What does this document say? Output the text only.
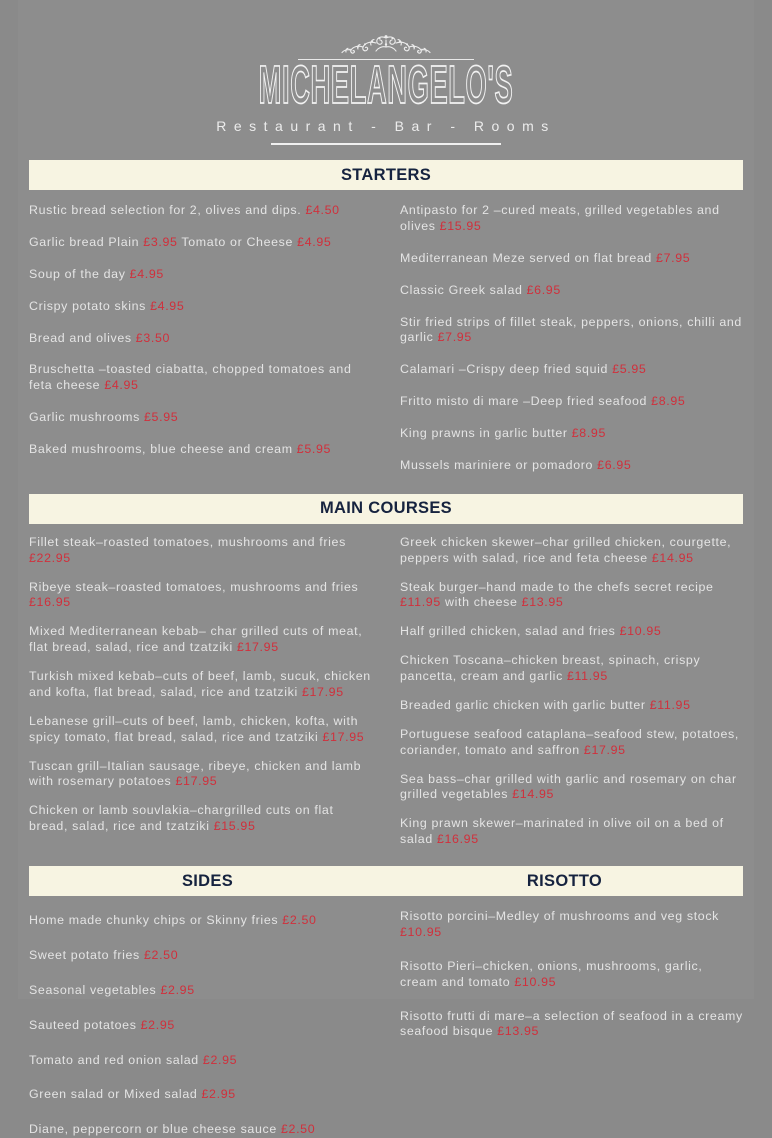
MICHELANGELO'S
Restaurant - Bar - Rooms
STARTERS
Rustic bread selection for 2, olives and dips. £4.50
Garlic bread Plain £3.95 Tomato or Cheese £4.95
Soup of the day £4.95
Crispy potato skins £4.95
Bread and olives £3.50
Bruschetta –toasted ciabatta, chopped tomatoes and feta cheese £4.95
Garlic mushrooms £5.95
Baked mushrooms, blue cheese and cream £5.95
Antipasto for 2 –cured meats, grilled vegetables and olives £15.95
Mediterranean Meze served on flat bread £7.95
Classic Greek salad £6.95
Stir fried strips of fillet steak, peppers, onions, chilli and garlic £7.95
Calamari –Crispy deep fried squid £5.95
Fritto misto di mare –Deep fried seafood £8.95
King prawns in garlic butter £8.95
Mussels mariniere or pomadoro £6.95
MAIN COURSES
Fillet steak–roasted tomatoes, mushrooms and fries £22.95
Ribeye steak–roasted tomatoes, mushrooms and fries £16.95
Mixed Mediterranean kebab– char grilled cuts of meat, flat bread, salad, rice and tzatziki £17.95
Turkish mixed kebab–cuts of beef, lamb, sucuk, chicken and kofta, flat bread, salad, rice and tzatziki £17.95
Lebanese grill–cuts of beef, lamb, chicken, kofta, with spicy tomato, flat bread, salad, rice and tzatziki £17.95
Tuscan grill–Italian sausage, ribeye, chicken and lamb with rosemary potatoes £17.95
Chicken or lamb souvlakia–chargrilled cuts on flat bread, salad, rice and tzatziki £15.95
Greek chicken skewer–char grilled chicken, courgette, peppers with salad, rice and feta cheese £14.95
Steak burger–hand made to the chefs secret recipe £11.95 with cheese £13.95
Half grilled chicken, salad and fries £10.95
Chicken Toscana–chicken breast, spinach, crispy pancetta, cream and garlic £11.95
Breaded garlic chicken with garlic butter £11.95
Portuguese seafood cataplana–seafood stew, potatoes, coriander, tomato and saffron £17.95
Sea bass–char grilled with garlic and rosemary on char grilled vegetables £14.95
King prawn skewer–marinated in olive oil on a bed of salad £16.95
SIDES	RISOTTO
Home made chunky chips or Skinny fries £2.50
Sweet potato fries £2.50
Seasonal vegetables £2.95
Sauteed potatoes £2.95
Tomato and red onion salad £2.95
Green salad or Mixed salad £2.95
Diane, peppercorn or blue cheese sauce £2.50
Risotto porcini–Medley of mushrooms and veg stock £10.95
Risotto Pieri–chicken, onions, mushrooms, garlic, cream and tomato £10.95
Risotto frutti di mare–a selection of seafood in a creamy seafood bisque £13.95
